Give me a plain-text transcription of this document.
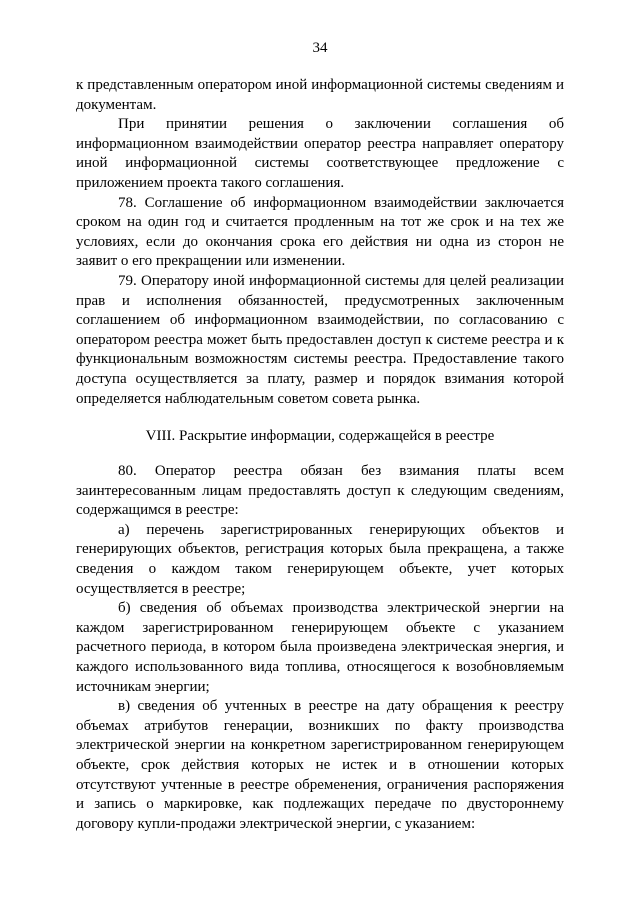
34

к представленным оператором иной информационной системы сведениям и документам.

При принятии решения о заключении соглашения об информационном взаимодействии оператор реестра направляет оператору иной информационной системы соответствующее предложение с приложением проекта такого соглашения.

78. Соглашение об информационном взаимодействии заключается сроком на один год и считается продленным на тот же срок и на тех же условиях, если до окончания срока его действия ни одна из сторон не заявит о его прекращении или изменении.

79. Оператору иной информационной системы для целей реализации прав и исполнения обязанностей, предусмотренных заключенным соглашением об информационном взаимодействии, по согласованию с оператором реестра может быть предоставлен доступ к системе реестра и к функциональным возможностям системы реестра. Предоставление такого доступа осуществляется за плату, размер и порядок взимания которой определяется наблюдательным советом совета рынка.

VIII. Раскрытие информации, содержащейся в реестре

80. Оператор реестра обязан без взимания платы всем заинтересованным лицам предоставлять доступ к следующим сведениям, содержащимся в реестре:

а) перечень зарегистрированных генерирующих объектов и генерирующих объектов, регистрация которых была прекращена, а также сведения о каждом таком генерирующем объекте, учет которых осуществляется в реестре;

б) сведения об объемах производства электрической энергии на каждом зарегистрированном генерирующем объекте с указанием расчетного периода, в котором была произведена электрическая энергия, и каждого использованного вида топлива, относящегося к возобновляемым источникам энергии;

в) сведения об учтенных в реестре на дату обращения к реестру объемах атрибутов генерации, возникших по факту производства электрической энергии на конкретном зарегистрированном генерирующем объекте, срок действия которых не истек и в отношении которых отсутствуют учтенные в реестре обременения, ограничения распоряжения и запись о маркировке, как подлежащих передаче по двустороннему договору купли-продажи электрической энергии, с указанием:
